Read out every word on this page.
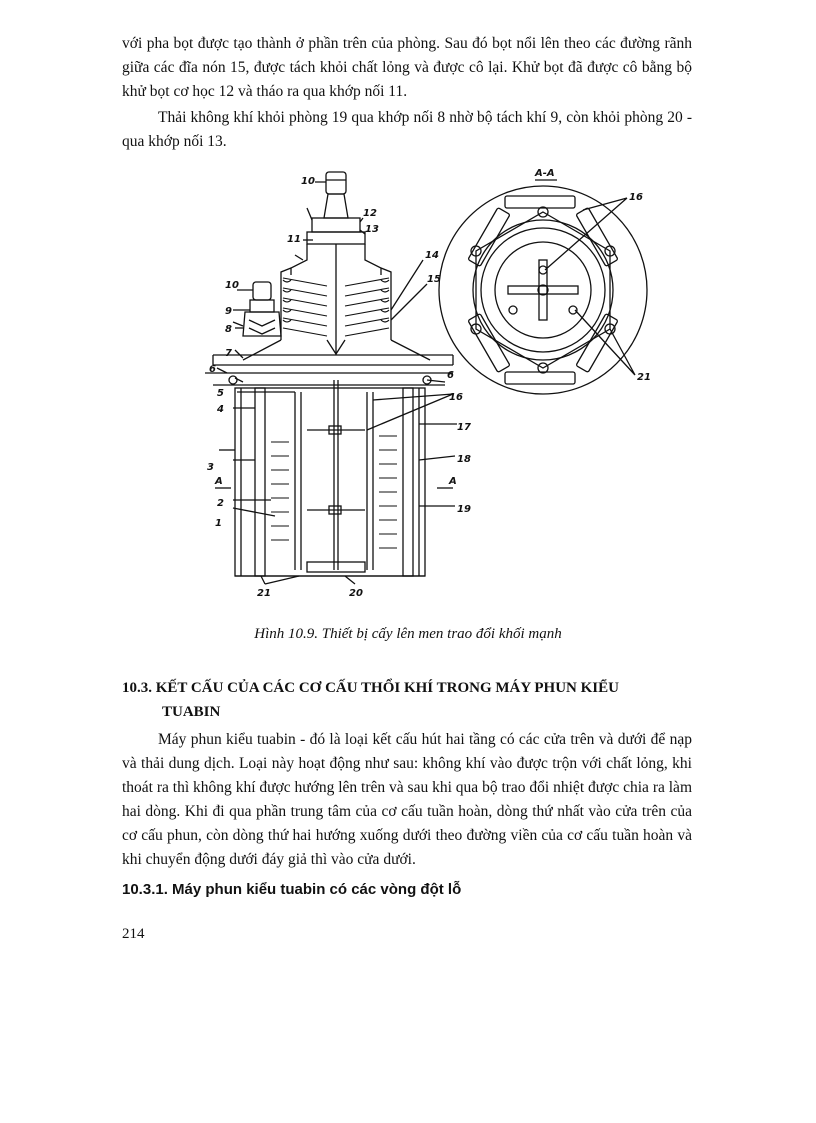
với pha bọt được tạo thành ở phần trên của phòng. Sau đó bọt nổi lên theo các đường rãnh giữa các đĩa nón 15, được tách khỏi chất lỏng và được cô lại. Khử bọt đã được cô bằng bộ khử bọt cơ học 12 và tháo ra qua khớp nối 11.

Thải không khí khỏi phòng 19 qua khớp nối 8 nhờ bộ tách khí 9, còn khỏi phòng 20 - qua khớp nối 13.

10
12
13
11
10
9
8
7
6
5
4
3
A
2
1
14
15
6
16
17
18
A
19
21	20
A-A
16
21
Hình 10.9. Thiết bị cấy lên men trao đổi khối mạnh
10.3. KẾT CẤU CỦA CÁC CƠ CẤU THỔI KHÍ TRONG MÁY PHUN KIỂU
TUABIN

Máy phun kiểu tuabin - đó là loại kết cấu hút hai tầng có các cửa trên và dưới để nạp và thải dung dịch. Loại này hoạt động như sau: không khí vào được trộn với chất lỏng, khi thoát ra thì không khí được hướng lên trên và sau khi qua bộ trao đổi nhiệt được chia ra làm hai dòng. Khi đi qua phần trung tâm của cơ cấu tuần hoàn, dòng thứ nhất vào cửa trên của cơ cấu phun, còn dòng thứ hai hướng xuống dưới theo đường viền của cơ cấu tuần hoàn và khi chuyển động dưới đáy giả thì vào cửa dưới.

10.3.1. Máy phun kiểu tuabin có các vòng đột lỗ
214
